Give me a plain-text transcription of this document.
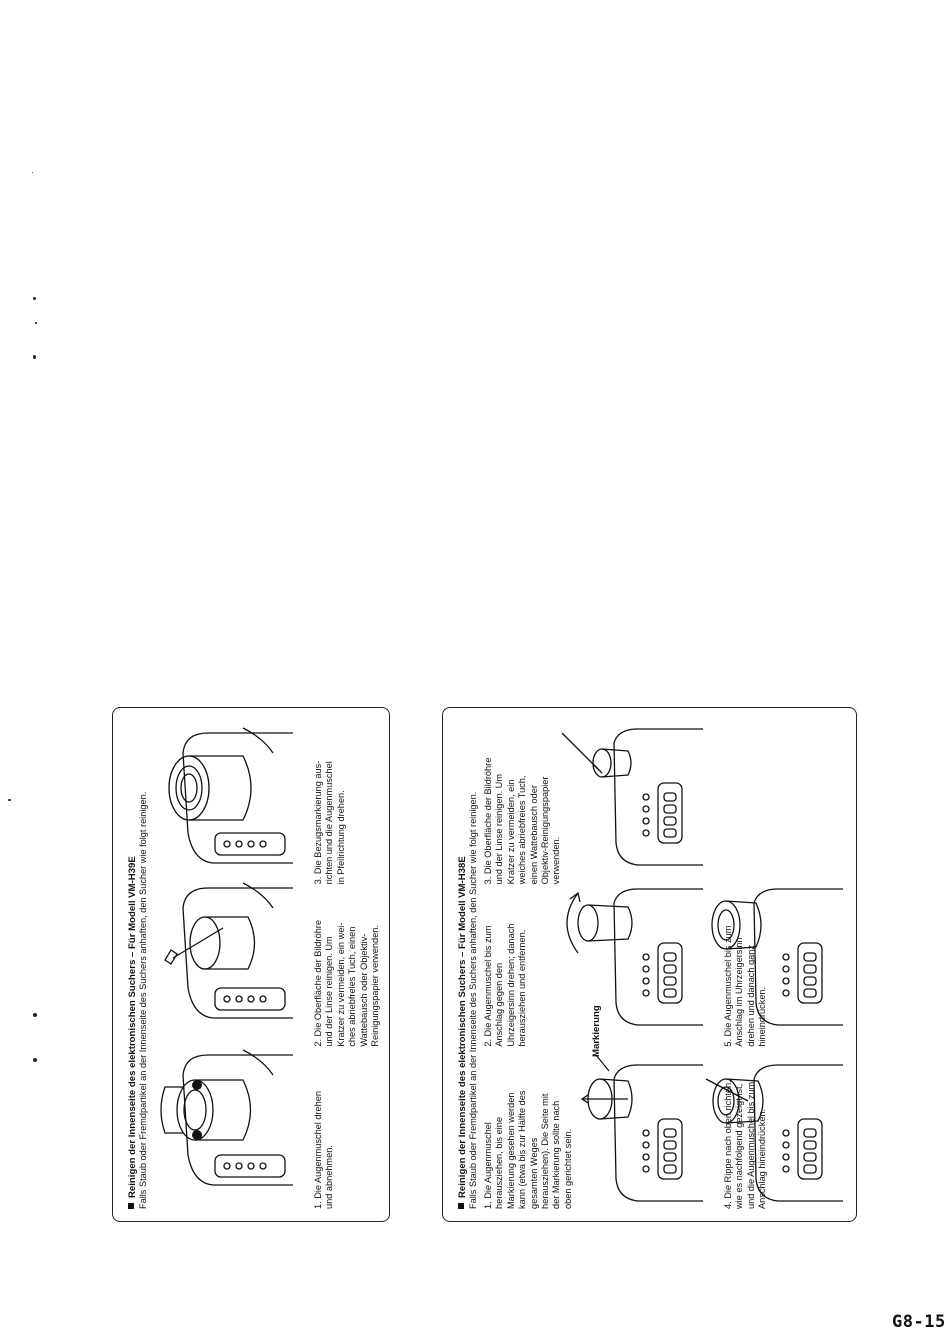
Reinigen der Innenseite des elektronischen Suchers – Für Modell VM-H39E Falls Staub oder Fremdpartikel an der Innenseite des Suchers anhaften, den Sucher wie folgt reinigen.	1. Die Augenmuschel drehen
und abnehmen.
2. Die Oberfläche der Bildröhre
und der Linse reinigen. Um
Kratzer zu vermeiden, ein wei-
ches abriebfreies Tuch, einen
Wattebausch oder Objektiv-
Reinigungspapier verwenden.
3. Die Bezugsmarkierung aus-
richten und die Augenmuschel
in Pfeilrichtung drehen.
Reinigen der Innenseite des elektronischen Suchers – Für Modell VM-H38E Falls Staub oder Fremdpartikel an der Innenseite des Suchers anhaften, den Sucher wie folgt reinigen. 1. Die Augenmuschel
herausziehen, bis eine
Markierung gesehen werden
kann (etwa bis zur Hälfte des
gesamten Weges
herausziehen). Die Seite mit
der Markierung sollte nach
oben gerichtet sein.
2. Die Augenmuschel bis zum
Anschlag gegen den
Uhrzeigersinn drehen; danach
herausziehen und entfernen.
3. Die Oberfläche der Bildröhre
und der Linse reinigen. Um
Kratzer zu vermeiden, ein
weiches abriebfreies Tuch,
einen Wattebausch oder
Objektiv-Reinigungspapier
verwenden.
Markierung
4. Die Rippe nach oben richten,
wie es nachfolgend gezeigt ist,
und die Augenmuschel bis zum
Anschlag hineindrücken.
5. Die Augenmuschel bis zum
Anschlag im Uhrzeigersinn
drehen und danach ganz
hineindrücken.
G8-15
